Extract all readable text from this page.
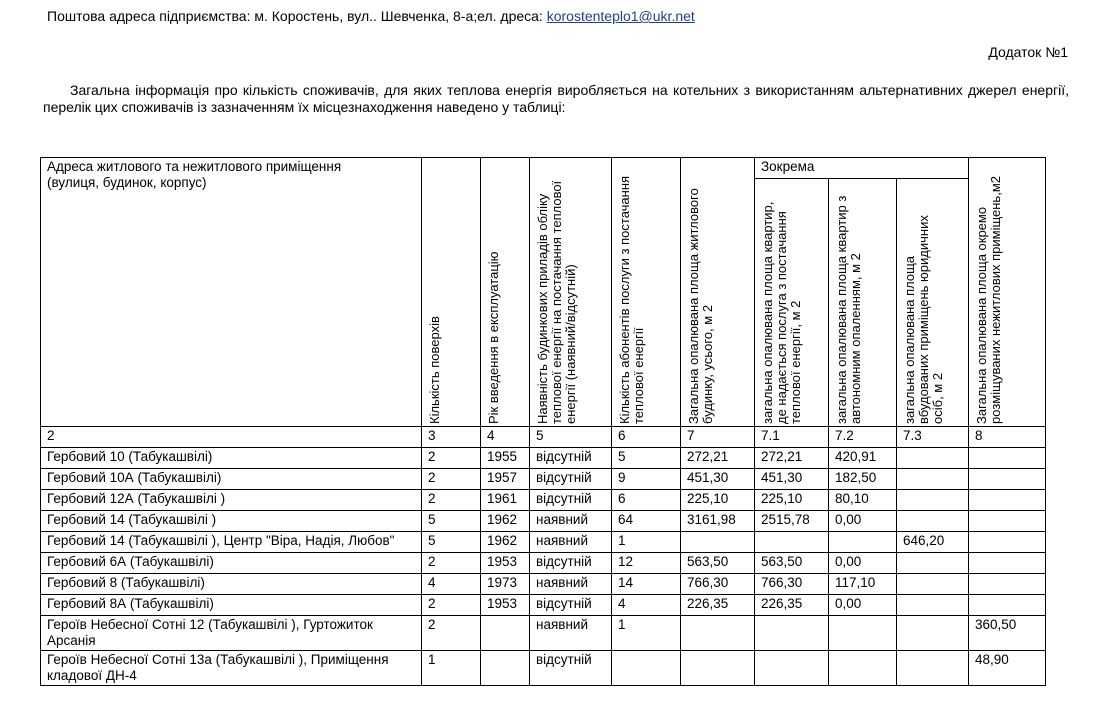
Поштова адреса підприємства: м. Коростень, вул.. Шевченка, 8-а;ел. дреса: korostenteplo1@ukr.net
Додаток №1
Загальна інформація про кількість споживачів, для яких теплова енергія виробляється на котельних з використанням альтернативних джерел енергії, перелік цих споживачів із зазначенням їх місцезнаходження наведено у таблиці:
Адреса житлового та нежитлового приміщення
(вулиця, будинок, корпус)	Кількість поверхів	Рік введення в експлуатацію	Наявність будинкових приладів обліку теплової енергії на постачання теплової енергії (наявний/відсутній)	Кількість абонентів послуги з постачання теплової енергії	Загальна опалювана площа житлового будинку, усього, м 2	Зокрема			Загальна опалювана площа окремо розміщуваних нежитлових приміщень,м2

						загальна опалювана площа квартир, де надається послуга з постачання теплової енергії, м 2	загальна опалювана площа квартир з автономним опаленням, м 2	загальна опалювана площа вбудованих приміщень юридичних осіб, м 2	

2	3	4	5	6	7	7.1	7.2	7.3	8
Гербовий 10 (Табукашвілі)	2	1955	відсутній	5	272,21	272,21	420,91		
Гербовий 10А (Табукашвілі)	2	1957	відсутній	9	451,30	451,30	182,50		
Гербовий 12А (Табукашвілі )	2	1961	відсутній	6	225,10	225,10	80,10		
Гербовий 14 (Табукашвілі )	5	1962	наявний	64	3161,98	2515,78	0,00		
Гербовий 14 (Табукашвілі ), Центр "Віра, Надія, Любов"	5	1962	наявний	1				646,20	
Гербовий 6А (Табукашвілі)	2	1953	відсутній	12	563,50	563,50	0,00		
Гербовий 8 (Табукашвілі)	4	1973	наявний	14	766,30	766,30	117,10		
Гербовий 8А (Табукашвілі)	2	1953	відсутній	4	226,35	226,35	0,00		
Героїв Небесної Сотні 12 (Табукашвілі ), Гуртожиток Арсанія	2		наявний	1					360,50
Героїв Небесної Сотні 13а (Табукашвілі ), Приміщення кладової ДН-4	1		відсутній						48,90
